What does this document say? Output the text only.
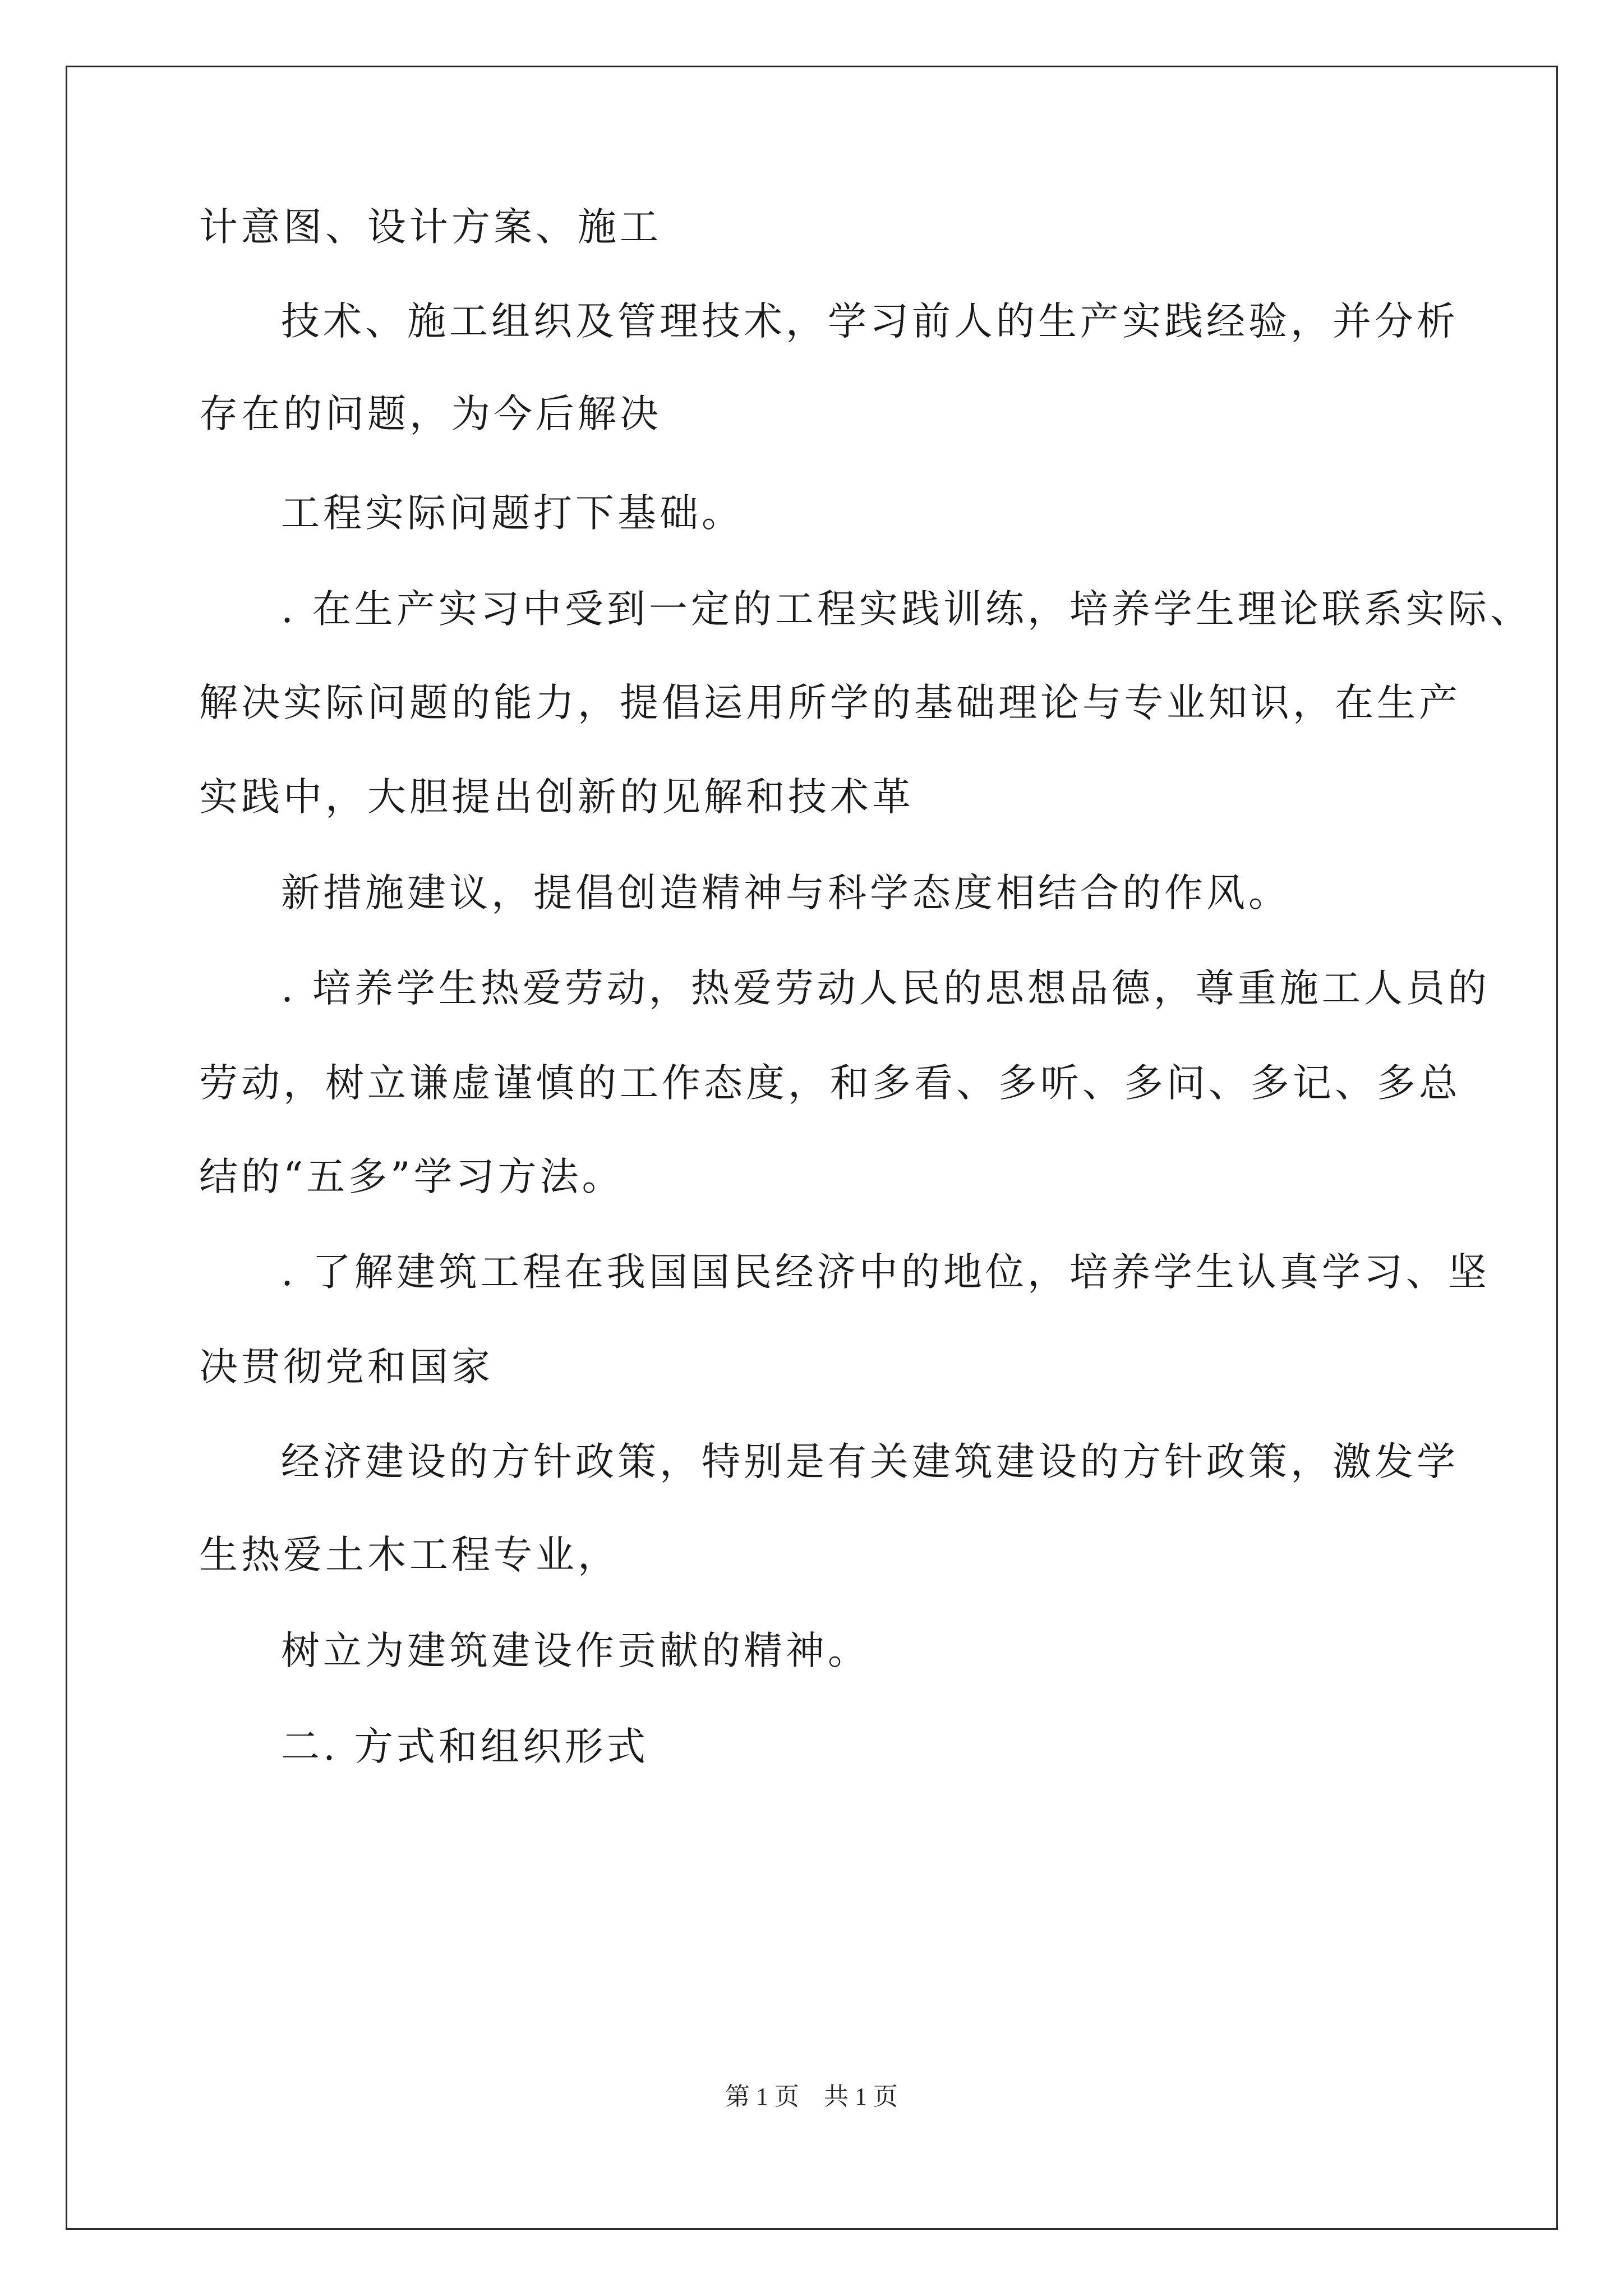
计意图、设计方案、施工
技术、施工组织及管理技术，学习前人的生产实践经验，并分析
存在的问题，为今后解决
工程实际问题打下基础。
. 在生产实习中受到一定的工程实践训练，培养学生理论联系实际、
解决实际问题的能力，提倡运用所学的基础理论与专业知识，在生产
实践中，大胆提出创新的见解和技术革
新措施建议，提倡创造精神与科学态度相结合的作风。
. 培养学生热爱劳动，热爱劳动人民的思想品德，尊重施工人员的
劳动，树立谦虚谨慎的工作态度，和多看、多听、多问、多记、多总
结的“五多”学习方法。
. 了解建筑工程在我国国民经济中的地位，培养学生认真学习、坚
决贯彻党和国家
经济建设的方针政策，特别是有关建筑建设的方针政策，激发学
生热爱土木工程专业，
树立为建筑建设作贡献的精神。
二. 方式和组织形式
第 1 页 共 1 页
